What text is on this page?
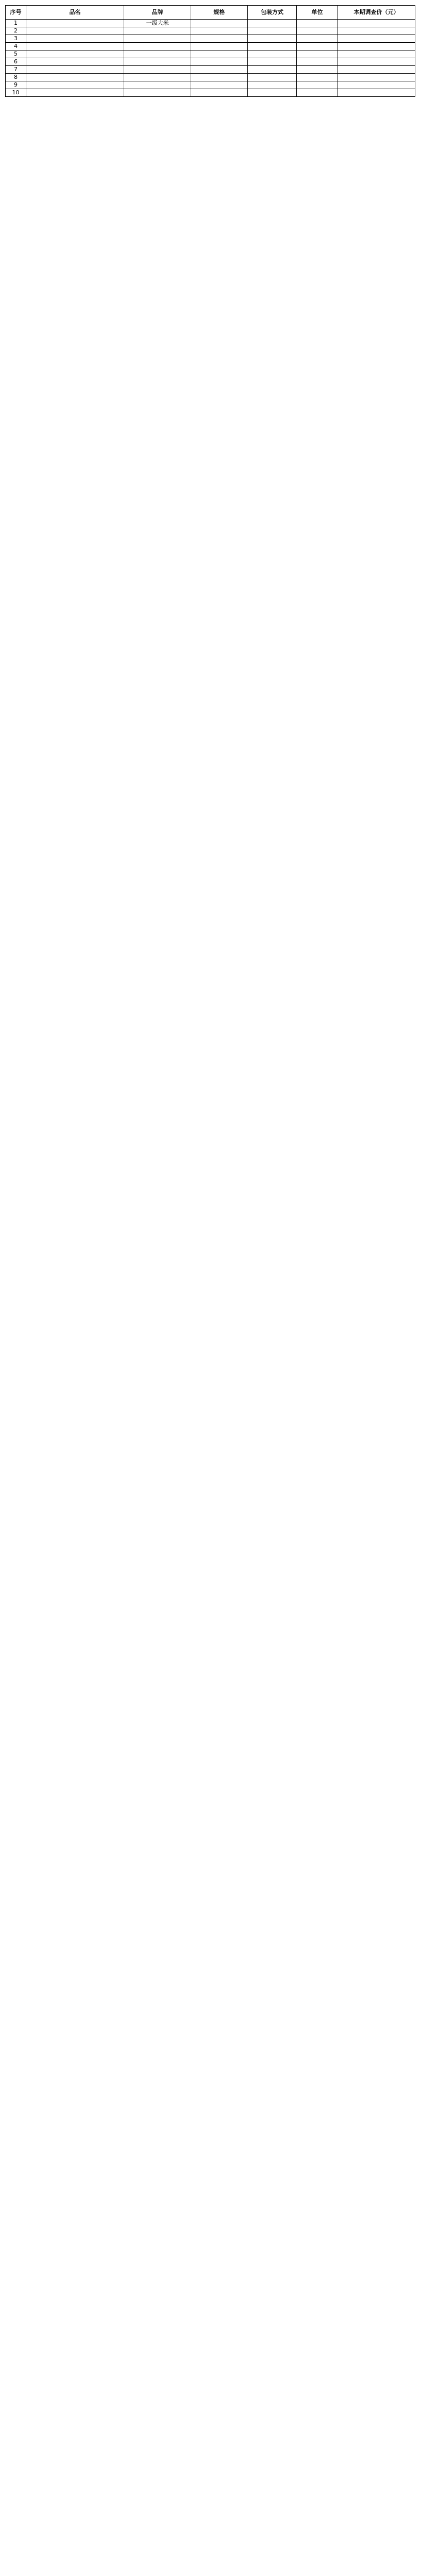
序号	品名	品牌	规格	包装方式	单位	本期调查价（元）
1		一级大米				
2						
3						
4						
5						
6						
7						
8						
9						
10						
